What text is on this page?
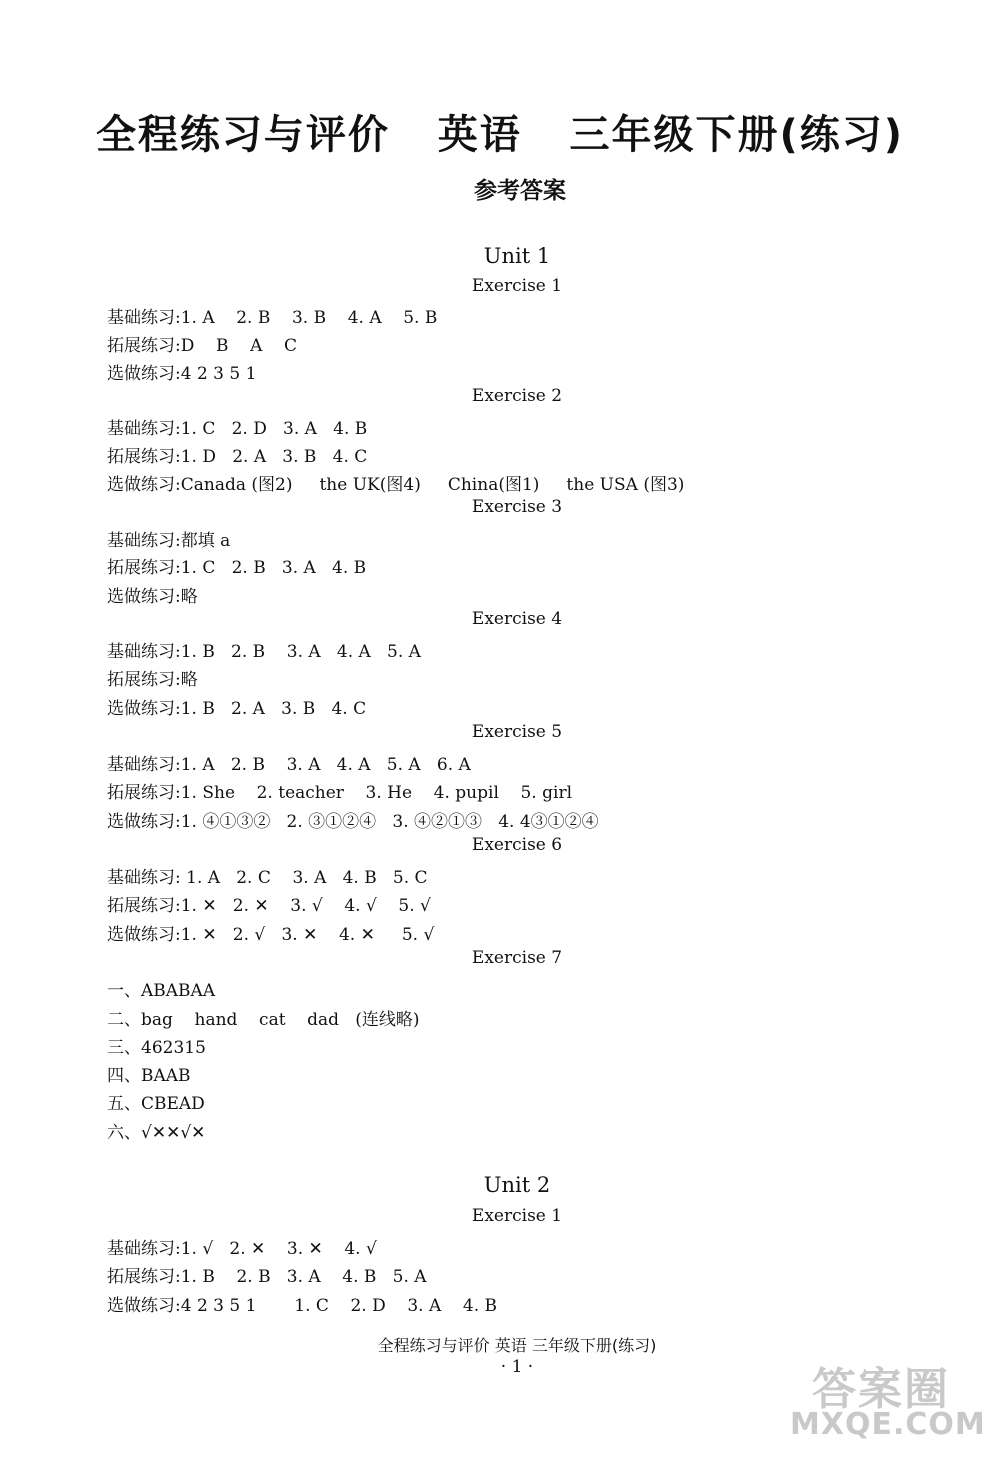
全程练习与评价   英语   三年级下册(练习)
参考答案
Unit 1
Exercise 1
基础练习:1. A    2. B    3. B    4. A    5. B
拓展练习:D    B    A    C
选做练习:4 2 3 5 1
Exercise 2
基础练习:1. C   2. D   3. A   4. B
拓展练习:1. D   2. A   3. B   4. C
选做练习:Canada (图2)     the UK(图4)     China(图1)     the USA (图3)
Exercise 3
基础练习:都填 a
拓展练习:1. C   2. B   3. A   4. B
选做练习:略
Exercise 4
基础练习:1. B   2. B    3. A   4. A   5. A
拓展练习:略
选做练习:1. B   2. A   3. B   4. C
Exercise 5
基础练习:1. A   2. B    3. A   4. A   5. A   6. A
拓展练习:1. She    2. teacher    3. He    4. pupil    5. girl
选做练习:1. ④①③②   2. ③①②④   3. ④②①③   4. 4③①②④
Exercise 6
基础练习: 1. A   2. C    3. A   4. B   5. C
拓展练习:1. ✕   2. ✕    3. √    4. √    5. √
选做练习:1. ✕   2. √   3. ✕    4. ✕     5. √
Exercise 7
一、ABABAA
二、bag    hand    cat    dad   (连线略)
三、462315
四、BAAB
五、CBEAD
六、√✕✕√✕
Unit 2
Exercise 1
基础练习:1. √   2. ✕    3. ✕    4. √
拓展练习:1. B    2. B   3. A    4. B   5. A
选做练习:4 2 3 5 1       1. C    2. D    3. A    4. B
全程练习与评价 英语 三年级下册(练习)
· 1 ·	答案圈
MXQE.COM
